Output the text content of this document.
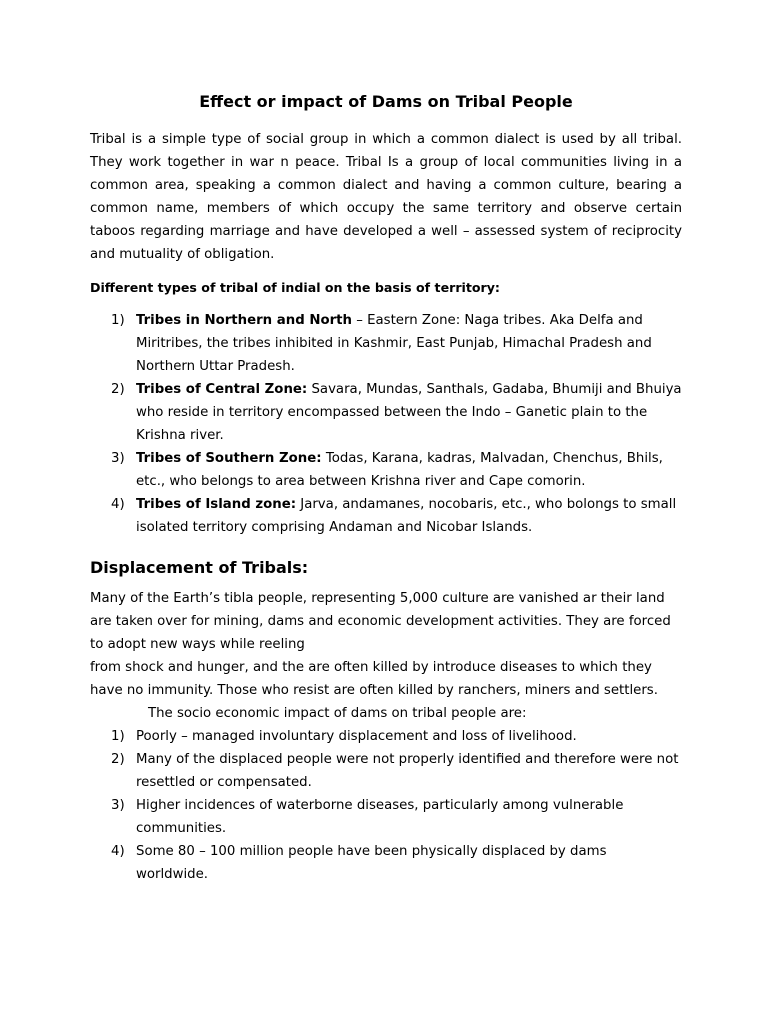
Effect or impact of Dams on Tribal People

Tribal is a simple type of social group in which a common dialect is used by all tribal. They work together in war n peace. Tribal Is a group of local communities living in a common area, speaking a common dialect and having a common culture, bearing a common name, members of which occupy the same territory and observe certain taboos regarding marriage and have developed a well – assessed system of reciprocity and mutuality of obligation.

Different types of tribal of indial on the basis of territory:

1) Tribes in Northern and North – Eastern Zone: Naga tribes. Aka Delfa and Miritribes, the tribes inhibited in Kashmir, East Punjab, Himachal Pradesh and Northern Uttar Pradesh.
2) Tribes of Central Zone: Savara, Mundas, Santhals, Gadaba, Bhumiji and Bhuiya who reside in territory encompassed between the Indo – Ganetic plain to the Krishna river.
3) Tribes of Southern Zone: Todas, Karana, kadras, Malvadan, Chenchus, Bhils, etc., who belongs to area between Krishna river and Cape comorin.
4) Tribes of Island zone: Jarva, andamanes, nocobaris, etc., who bolongs to small isolated territory comprising Andaman and Nicobar Islands.
Displacement of Tribals:

Many of the Earth’s tibla people, representing 5,000 culture are vanished ar their land are taken over for mining, dams and economic development activities. They are forced to adopt new ways while reeling

from shock and hunger, and the are often killed by introduce diseases to which they have no immunity. Those who resist are often killed by ranchers, miners and settlers.

The socio economic impact of dams on tribal people are:

1) Poorly – managed involuntary displacement and loss of livelihood.
2) Many of the displaced people were not properly identified and therefore were not resettled or compensated.
3) Higher incidences of waterborne diseases, particularly among vulnerable communities.
4) Some 80 – 100 million people have been physically displaced by dams worldwide.
